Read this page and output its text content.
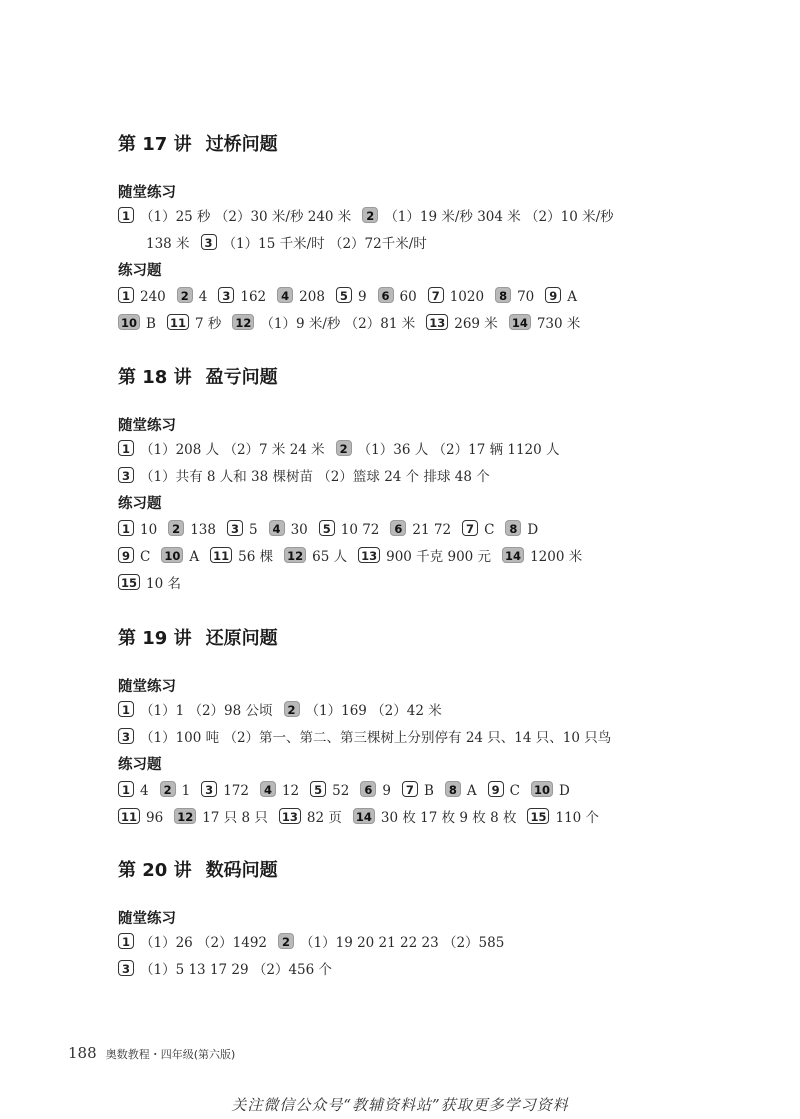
第 17 讲 过桥问题
随堂练习
1 （1）25 秒 （2）30 米/秒 240 米 2 （1）19 米/秒 304 米 （2）10 米/秒
138 米 3 （1）15 千米/时 （2）72千米/时
练习题
1 240 2 4 3 162 4 208 5 9 6 60 7 1020 8 70 9 A
10 B 11 7 秒 12 （1）9 米/秒 （2）81 米 13 269 米 14 730 米
第 18 讲 盈亏问题
随堂练习
1 （1）208 人 （2）7 米 24 米 2 （1）36 人 （2）17 辆 1120 人
3 （1）共有 8 人和 38 棵树苗 （2）篮球 24 个 排球 48 个
练习题
1 10 2 138 3 5 4 30 5 10 72 6 21 72 7 C 8 D
9 C 10 A 11 56 棵 12 65 人 13 900 千克 900 元 14 1200 米
15 10 名
第 19 讲 还原问题
随堂练习
1 （1）1 （2）98 公顷 2 （1）169 （2）42 米
3 （1）100 吨 （2）第一、第二、第三棵树上分别停有 24 只、14 只、10 只鸟
练习题
1 4 2 1 3 172 4 12 5 52 6 9 7 B 8 A 9 C 10 D
11 96 12 17 只 8 只 13 82 页 14 30 枚 17 枚 9 枚 8 枚 15 110 个
第 20 讲 数码问题
随堂练习
1 （1）26 （2）1492 2 （1）19 20 21 22 23 （2）585
3 （1）5 13 17 29 （2）456 个
188 奥数教程・四年级(第六版)
关注微信公众号“教辅资料站”获取更多学习资料
